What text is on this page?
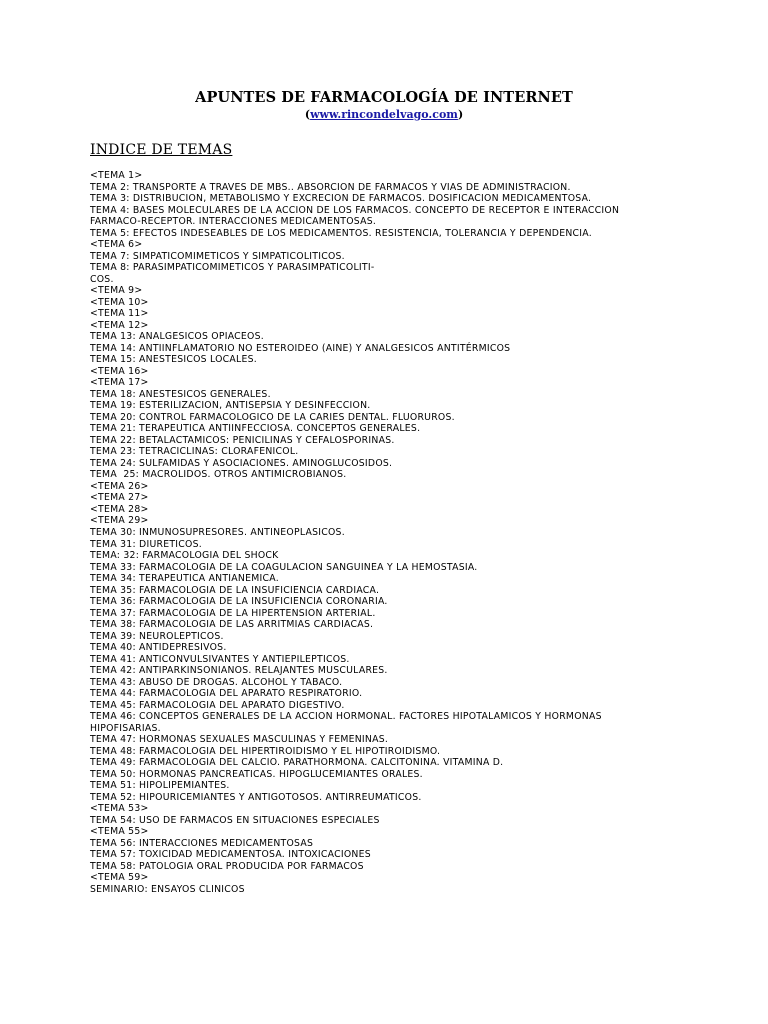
APUNTES DE FARMACOLOGÍA DE INTERNET
(www.rincondelvago.com)
INDICE DE TEMAS
<TEMA 1>
TEMA 2: TRANSPORTE A TRAVES DE MBS.. ABSORCION DE FARMACOS Y VIAS DE ADMINISTRACION.
TEMA 3: DISTRIBUCION, METABOLISMO Y EXCRECION DE FARMACOS. DOSIFICACION MEDICAMENTOSA.
TEMA 4: BASES MOLECULARES DE LA ACCION DE LOS FARMACOS. CONCEPTO DE RECEPTOR E INTERACCION
FARMACO-RECEPTOR. INTERACCIONES MEDICAMENTOSAS.
TEMA 5: EFECTOS INDESEABLES DE LOS MEDICAMENTOS. RESISTENCIA, TOLERANCIA Y DEPENDENCIA.
<TEMA 6>
TEMA 7: SIMPATICOMIMETICOS Y SIMPATICOLITICOS.
TEMA 8: PARASIMPATICOMIMETICOS Y PARASIMPATICOLITI-
COS.
<TEMA 9>
<TEMA 10>
<TEMA 11>
<TEMA 12>
TEMA 13: ANALGESICOS OPIACEOS.
TEMA 14: ANTIINFLAMATORIO NO ESTEROIDEO (AINE) Y ANALGESICOS ANTITÉRMICOS
TEMA 15: ANESTESICOS LOCALES.
<TEMA 16>
<TEMA 17>
TEMA 18: ANESTESICOS GENERALES.
TEMA 19: ESTERILIZACION, ANTISEPSIA Y DESINFECCION.
TEMA 20: CONTROL FARMACOLOGICO DE LA CARIES DENTAL. FLUORUROS.
TEMA 21: TERAPEUTICA ANTIINFECCIOSA. CONCEPTOS GENERALES.
TEMA 22: BETALACTAMICOS: PENICILINAS Y CEFALOSPORINAS.
TEMA 23: TETRACICLINAS: CLORAFENICOL.
TEMA 24: SULFAMIDAS Y ASOCIACIONES. AMINOGLUCOSIDOS.
TEMA  25: MACROLIDOS. OTROS ANTIMICROBIANOS.
<TEMA 26>
<TEMA 27>
<TEMA 28>
<TEMA 29>
TEMA 30: INMUNOSUPRESORES. ANTINEOPLASICOS.
TEMA 31: DIURETICOS.
TEMA: 32: FARMACOLOGIA DEL SHOCK
TEMA 33: FARMACOLOGIA DE LA COAGULACION SANGUINEA Y LA HEMOSTASIA.
TEMA 34: TERAPEUTICA ANTIANEMICA.
TEMA 35: FARMACOLOGIA DE LA INSUFICIENCIA CARDIACA.
TEMA 36: FARMACOLOGIA DE LA INSUFICIENCIA CORONARIA.
TEMA 37: FARMACOLOGIA DE LA HIPERTENSION ARTERIAL.
TEMA 38: FARMACOLOGIA DE LAS ARRITMIAS CARDIACAS.
TEMA 39: NEUROLEPTICOS.
TEMA 40: ANTIDEPRESIVOS.
TEMA 41: ANTICONVULSIVANTES Y ANTIEPILEPTICOS.
TEMA 42: ANTIPARKINSONIANOS. RELAJANTES MUSCULARES.
TEMA 43: ABUSO DE DROGAS. ALCOHOL Y TABACO.
TEMA 44: FARMACOLOGIA DEL APARATO RESPIRATORIO.
TEMA 45: FARMACOLOGIA DEL APARATO DIGESTIVO.
TEMA 46: CONCEPTOS GENERALES DE LA ACCION HORMONAL. FACTORES HIPOTALAMICOS Y HORMONAS
HIPOFISARIAS.
TEMA 47: HORMONAS SEXUALES MASCULINAS Y FEMENINAS.
TEMA 48: FARMACOLOGIA DEL HIPERTIROIDISMO Y EL HIPOTIROIDISMO.
TEMA 49: FARMACOLOGIA DEL CALCIO. PARATHORMONA. CALCITONINA. VITAMINA D.
TEMA 50: HORMONAS PANCREATICAS. HIPOGLUCEMIANTES ORALES.
TEMA 51: HIPOLIPEMIANTES.
TEMA 52: HIPOURICEMIANTES Y ANTIGOTOSOS. ANTIRREUMATICOS.
<TEMA 53>
TEMA 54: USO DE FARMACOS EN SITUACIONES ESPECIALES
<TEMA 55>
TEMA 56: INTERACCIONES MEDICAMENTOSAS
TEMA 57: TOXICIDAD MEDICAMENTOSA. INTOXICACIONES
TEMA 58: PATOLOGIA ORAL PRODUCIDA POR FARMACOS
<TEMA 59>
SEMINARIO: ENSAYOS CLINICOS
